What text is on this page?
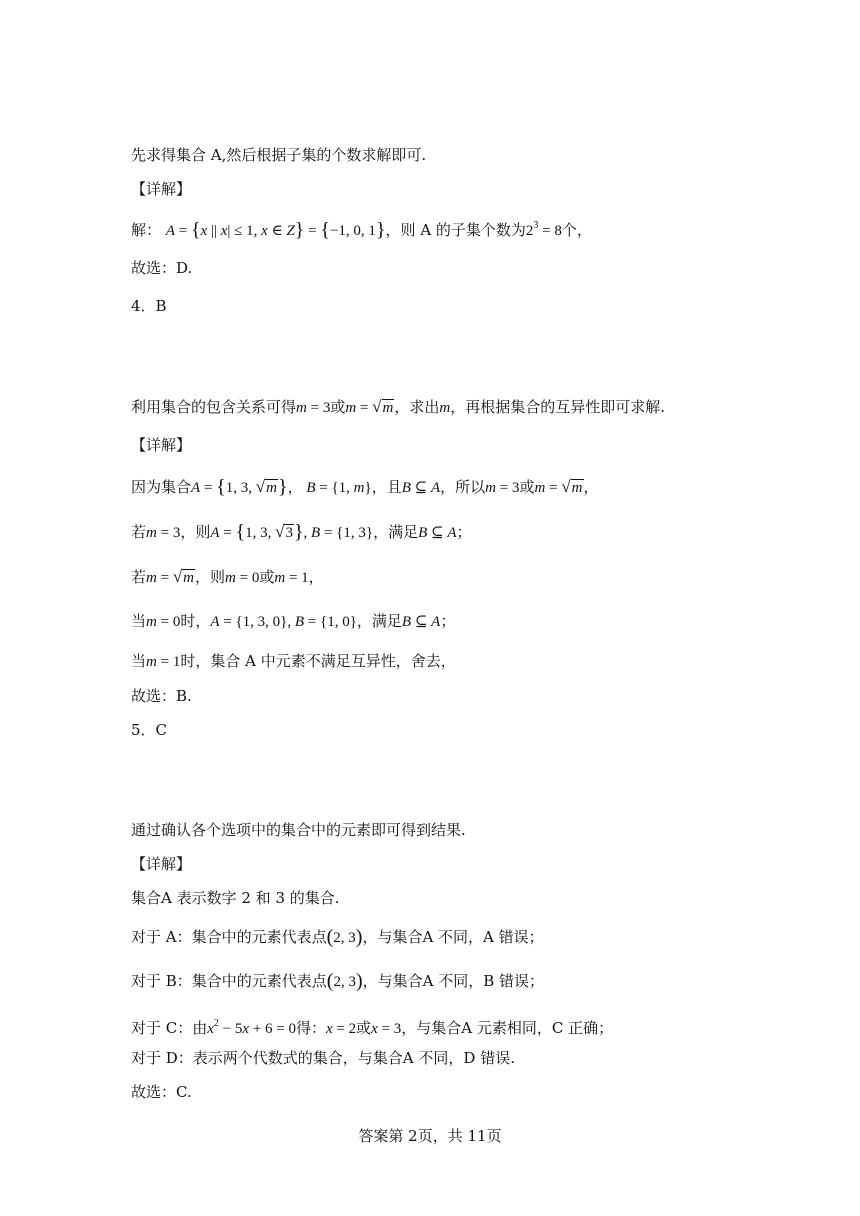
先求得集合 A,然后根据子集的个数求解即可.
【详解】
解： A = {x || x| ≤ 1, x ∈ Z} = {−1, 0, 1}，则 A 的子集个数为$2^3 = 8$个，
故选：D.
4．B
利用集合的包含关系可得m = 3或m = √m，求出m，再根据集合的互异性即可求解.
【详解】
因为集合A = {1, 3, √m}， B = {1, m}，且B ⊆ A，所以m = 3或m = √m，
若m = 3，则A = {1, 3, √3}, B = {1, 3}，满足B ⊆ A；
若m = √m，则m = 0或m = 1，
当m = 0时，A = {1, 3, 0}, B = {1, 0}，满足B ⊆ A；
当m = 1时，集合 A 中元素不满足互异性，舍去，
故选：B.
5．C
通过确认各个选项中的集合中的元素即可得到结果.
【详解】
集合A 表示数字 2 和 3 的集合.
对于 A：集合中的元素代表点(2, 3)，与集合A 不同，A 错误；
对于 B：集合中的元素代表点(2, 3)，与集合A 不同，B 错误；
对于 C：由$x^2 - 5x + 6 = 0$得：x = 2或x = 3，与集合A 元素相同，C 正确；
对于 D：表示两个代数式的集合，与集合A 不同，D 错误.
故选：C.
答案第 2页，共 11页
